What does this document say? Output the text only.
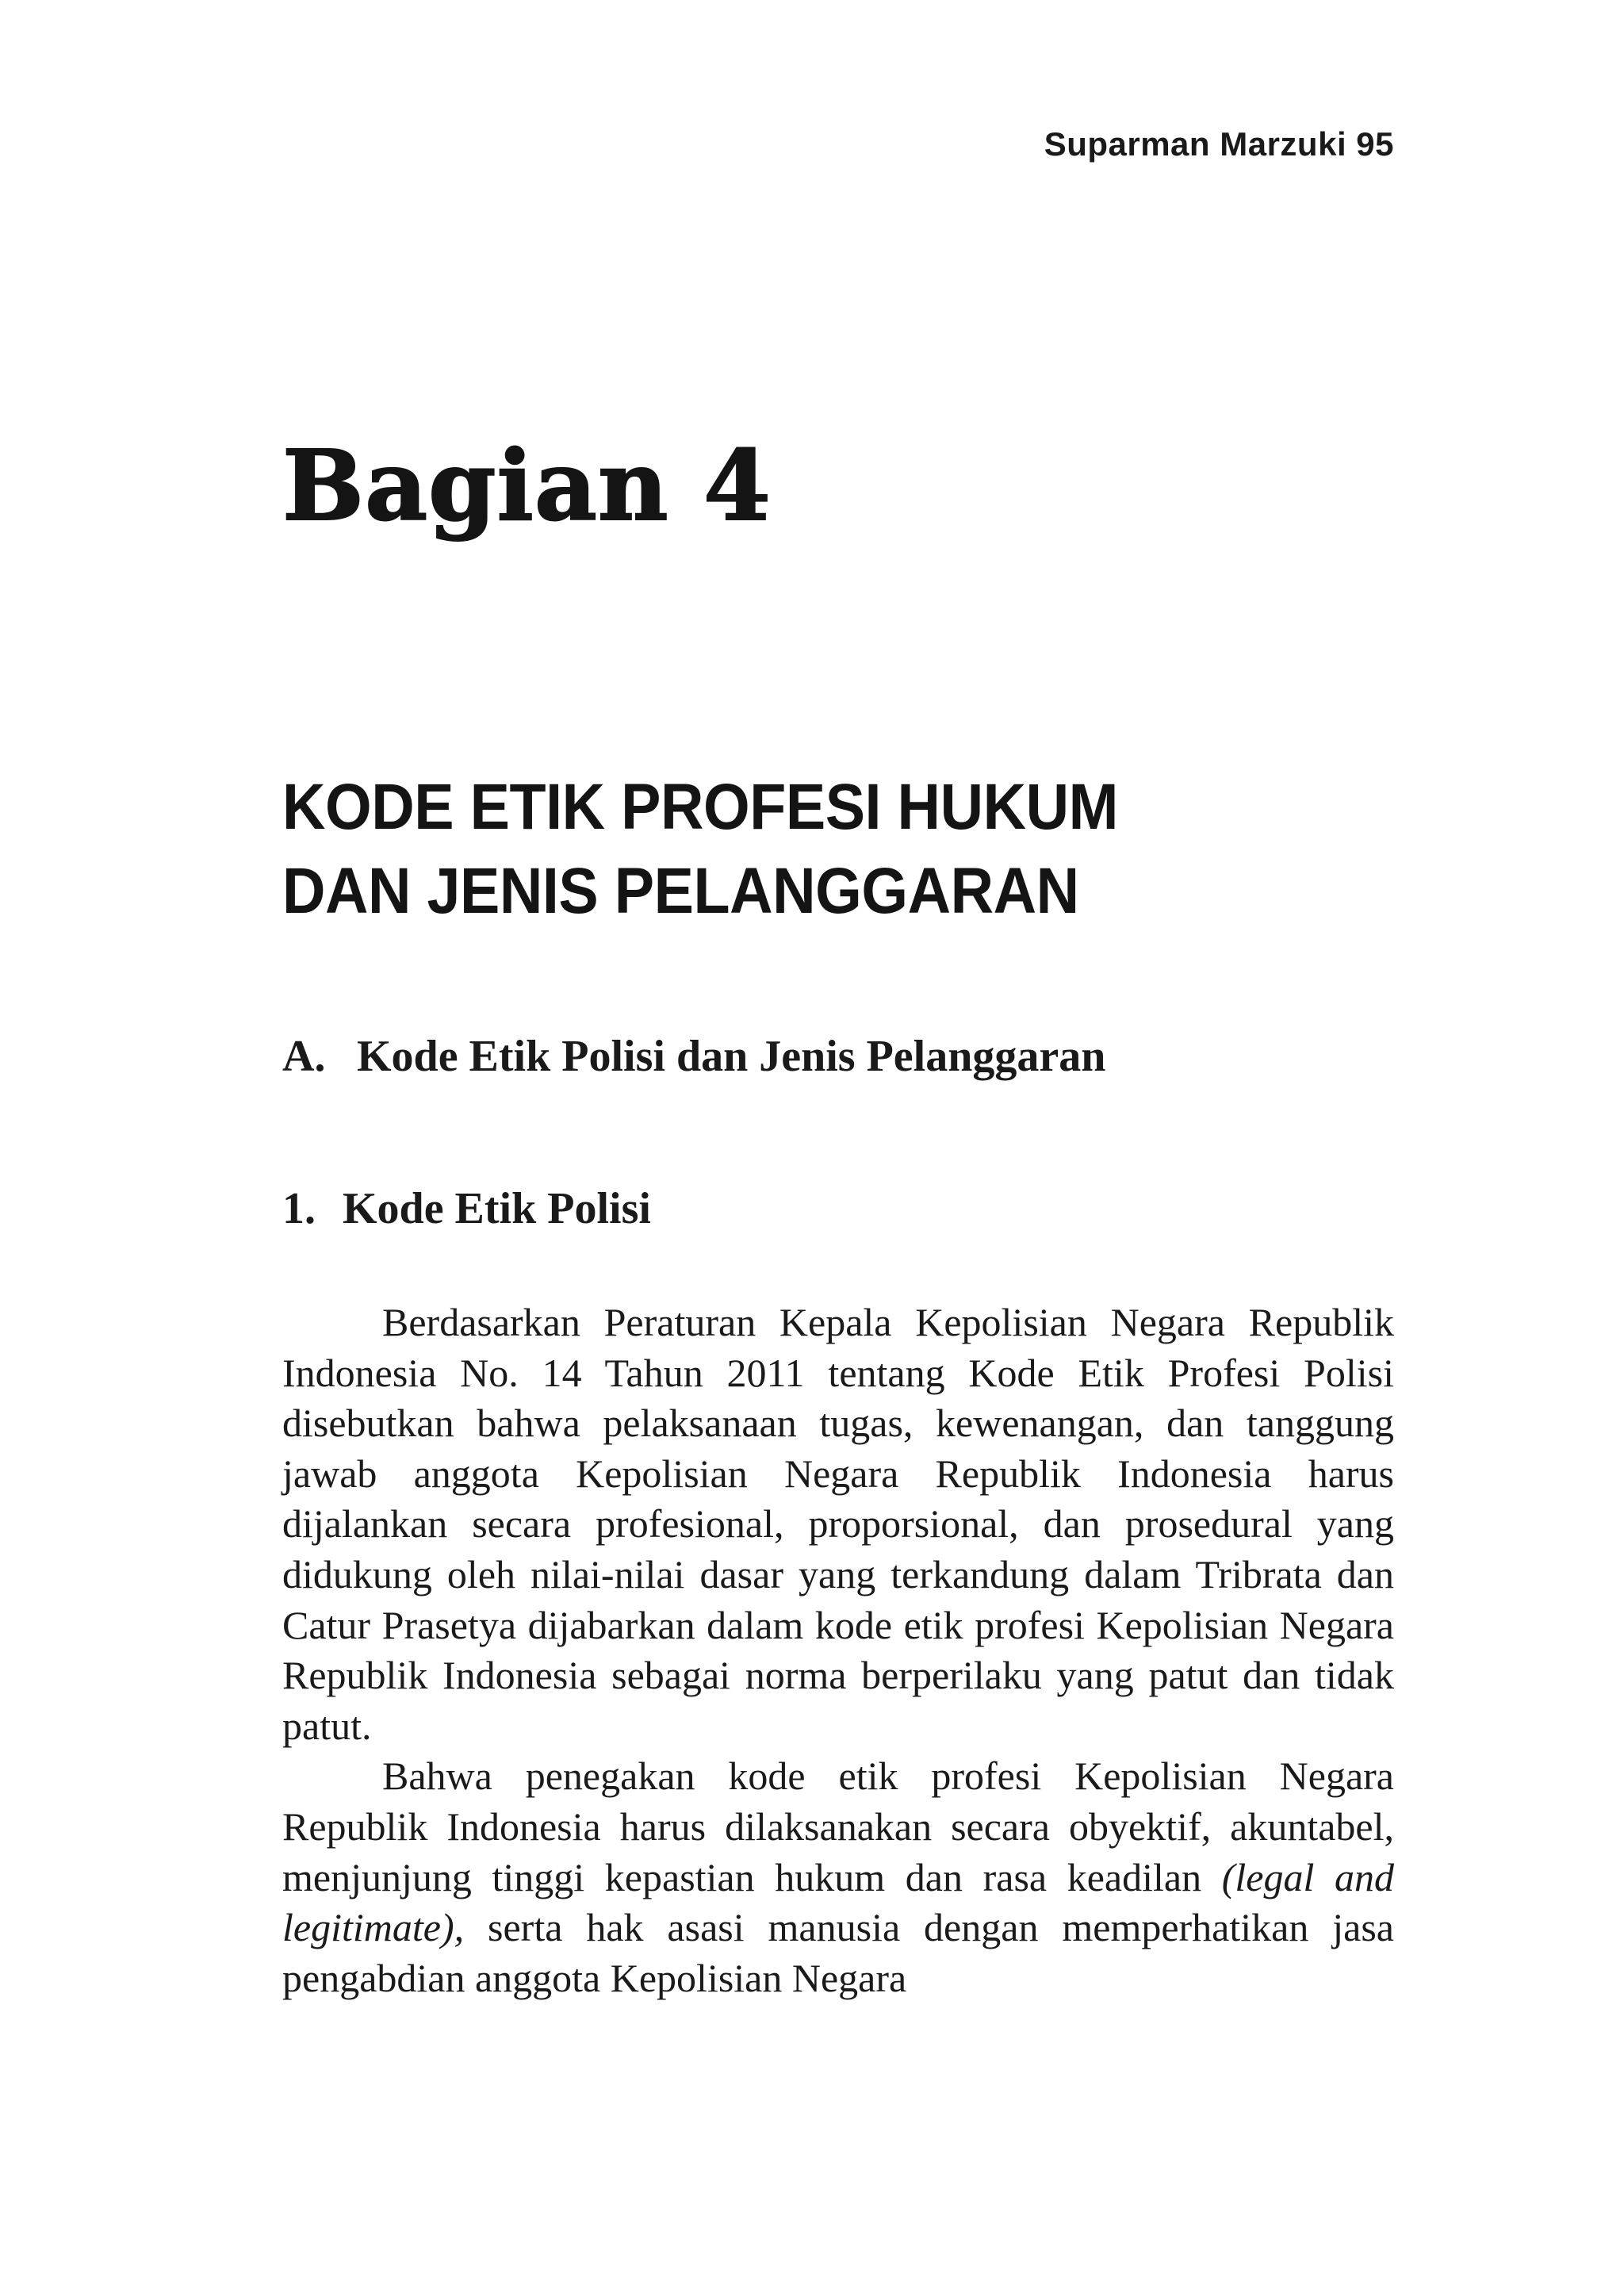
Suparman Marzuki 95
Bagian 4
KODE ETIK PROFESI HUKUM
DAN JENIS PELANGGARAN
A. Kode Etik Polisi dan Jenis Pelanggaran
1. Kode Etik Polisi

Berdasarkan Peraturan Kepala Kepolisian Negara Republik Indonesia No. 14 Tahun 2011 tentang Kode Etik Profesi Polisi disebutkan bahwa pelaksanaan tugas, kewenangan, dan tanggung jawab anggota Kepolisian Negara Republik Indonesia harus dijalankan secara profesional, proporsional, dan prosedural yang didukung oleh nilai-nilai dasar yang terkandung dalam Tribrata dan Catur Prasetya dijabarkan dalam kode etik profesi Kepolisian Negara Republik Indonesia sebagai norma berperilaku yang patut dan tidak patut.

Bahwa penegakan kode etik profesi Kepolisian Negara Republik Indonesia harus dilaksanakan secara obyektif, akuntabel, menjunjung tinggi kepastian hukum dan rasa keadilan (legal and legitimate), serta hak asasi manusia dengan memperhatikan jasa pengabdian anggota Kepolisian Negara
